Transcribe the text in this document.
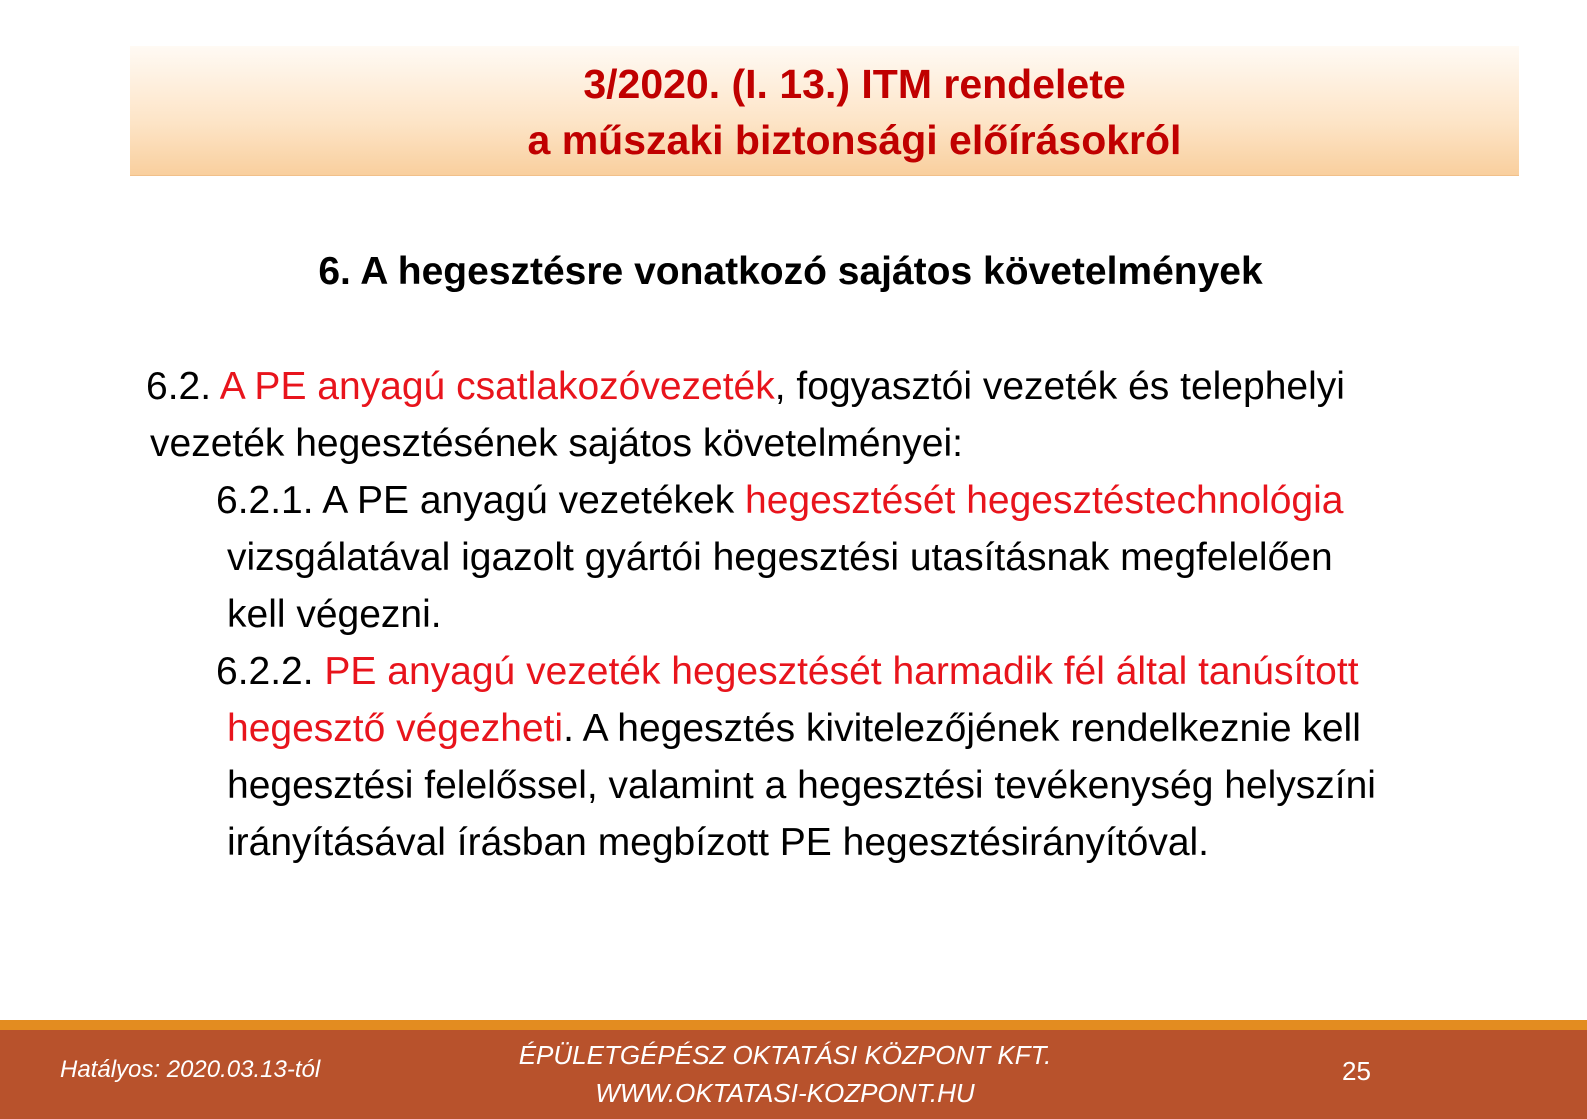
3/2020. (I. 13.) ITM rendelete
a műszaki biztonsági előírásokról
6. A hegesztésre vonatkozó sajátos követelmények
6.2. A PE anyagú csatlakozóvezeték, fogyasztói vezeték és telephelyi
vezeték hegesztésének sajátos követelményei:
6.2.1. A PE anyagú vezetékek hegesztését hegesztéstechnológia
vizsgálatával igazolt gyártói hegesztési utasításnak megfelelően
kell végezni.
6.2.2. PE anyagú vezeték hegesztését harmadik fél által tanúsított
hegesztő végezheti. A hegesztés kivitelezőjének rendelkeznie kell
hegesztési felelőssel, valamint a hegesztési tevékenység helyszíni
irányításával írásban megbízott PE hegesztésirányítóval.
Hatályos: 2020.03.13-tól	ÉPÜLETGÉPÉSZ OKTATÁSI KÖZPONT KFT.
WWW.OKTATASI-KOZPONT.HU
25
